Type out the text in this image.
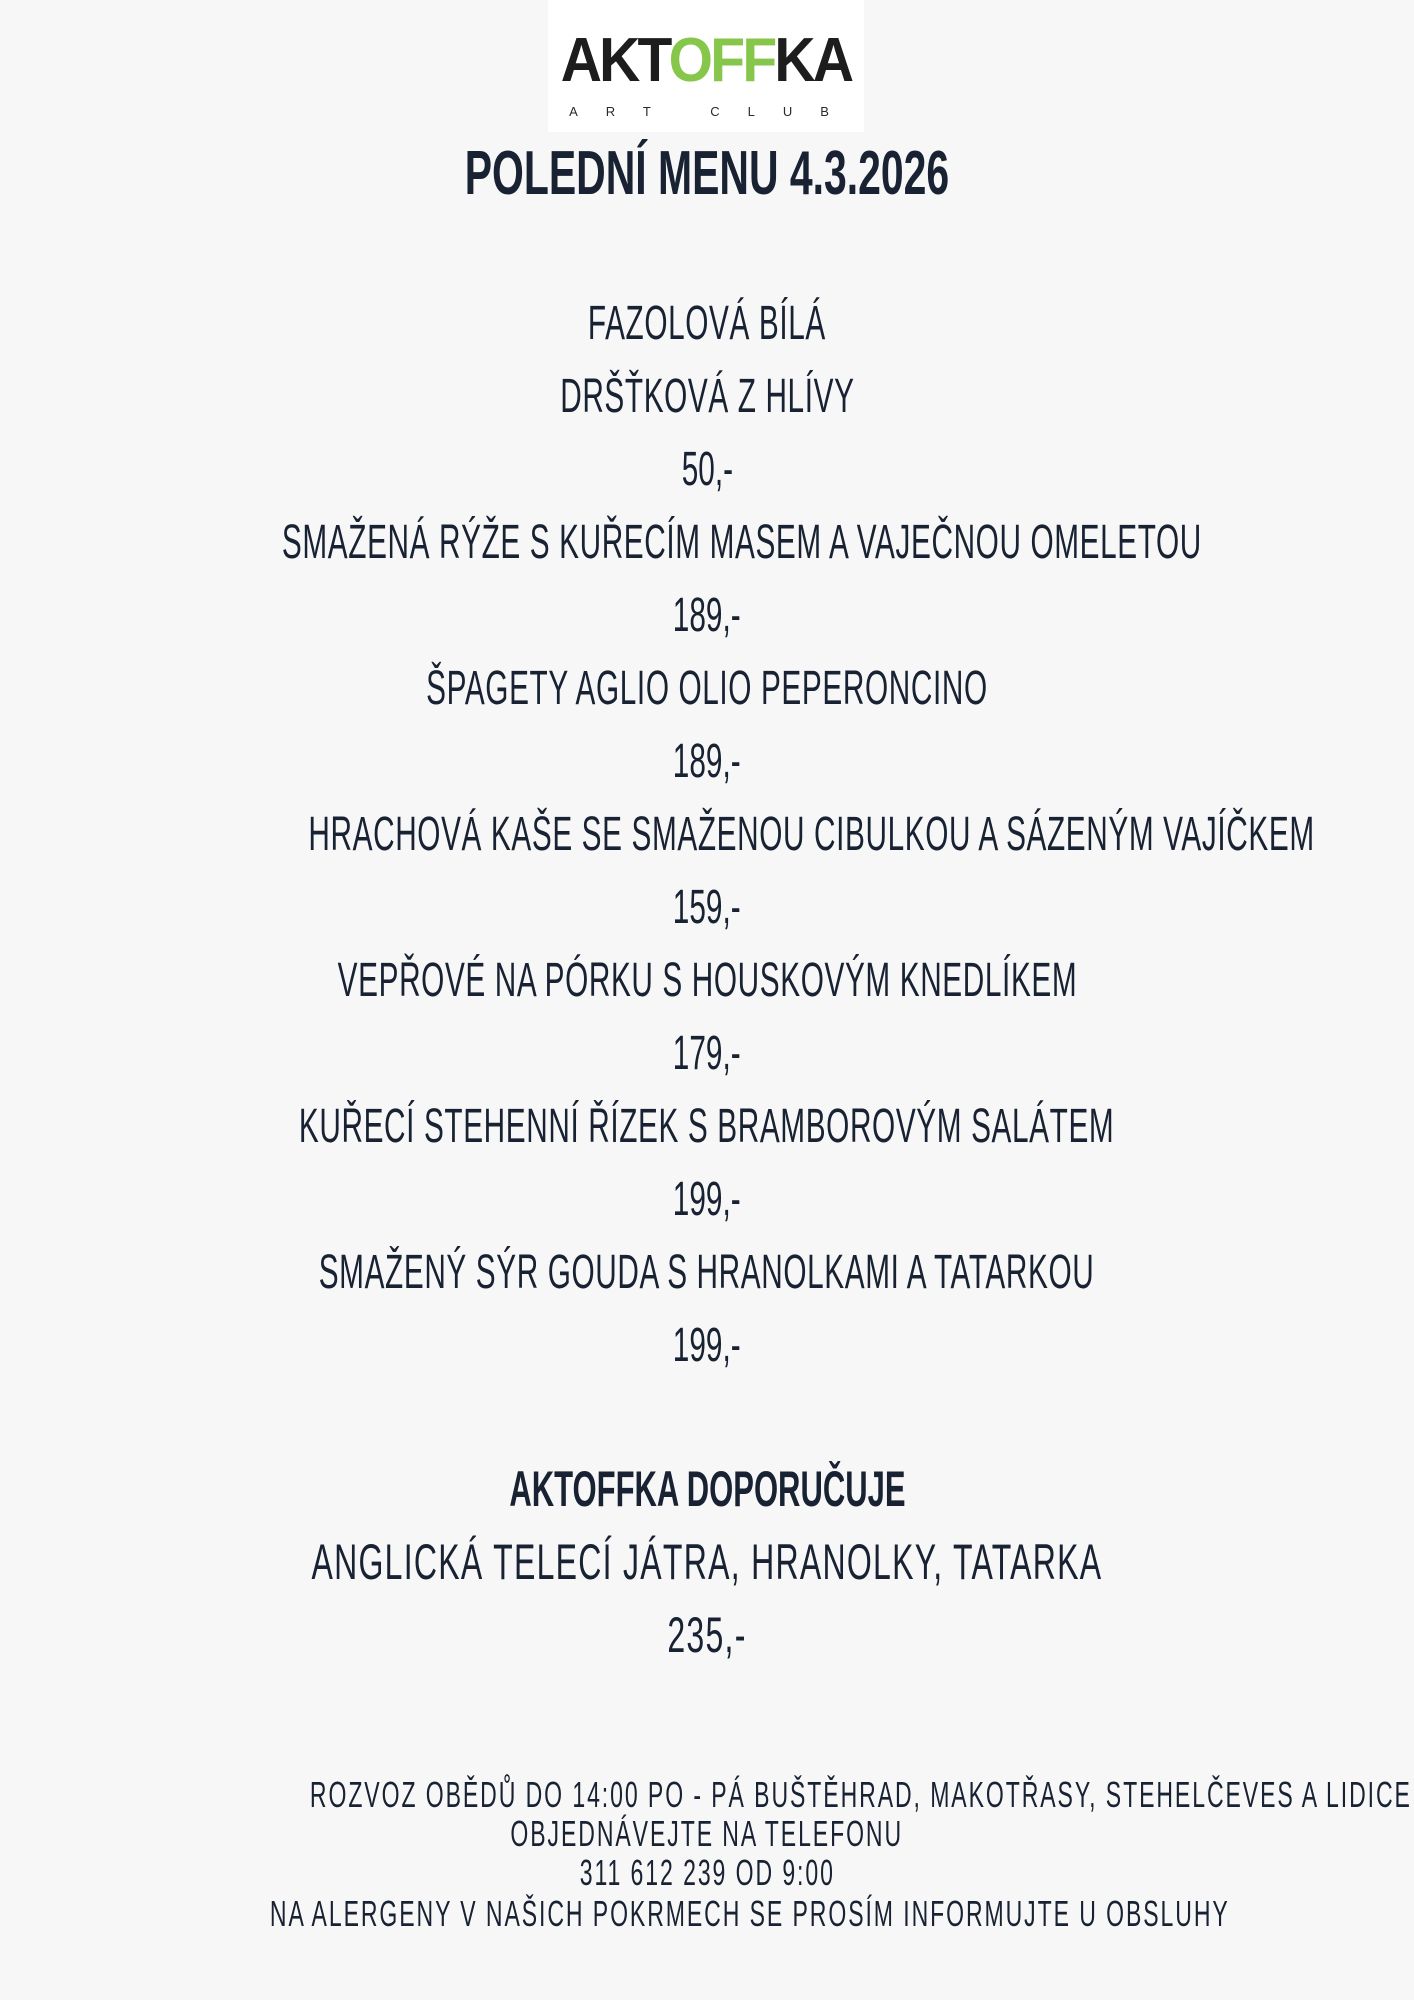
AKTOFFKA
ART CLUB
POLEDNÍ MENU 4.3.2026
FAZOLOVÁ BÍLÁ
DRŠŤKOVÁ Z HLÍVY
50,-
SMAŽENÁ RÝŽE S KUŘECÍM MASEM A VAJEČNOU OMELETOU
189,-
ŠPAGETY AGLIO OLIO PEPERONCINO
189,-
HRACHOVÁ KAŠE SE SMAŽENOU CIBULKOU A SÁZENÝM VAJÍČKEM
159,-
VEPŘOVÉ NA PÓRKU S HOUSKOVÝM KNEDLÍKEM
179,-
KUŘECÍ STEHENNÍ ŘÍZEK S BRAMBOROVÝM SALÁTEM
199,-
SMAŽENÝ SÝR GOUDA S HRANOLKAMI A TATARKOU
199,-
AKTOFFKA DOPORUČUJE
ANGLICKÁ TELECÍ JÁTRA, HRANOLKY, TATARKA
235,-
ROZVOZ OBĚDŮ DO 14:00 PO - PÁ BUŠTĚHRAD, MAKOTŘASY, STEHELČEVES A LIDICE
OBJEDNÁVEJTE NA TELEFONU
311 612 239 OD 9:00
NA ALERGENY V NAŠICH POKRMECH SE PROSÍM INFORMUJTE U OBSLUHY
